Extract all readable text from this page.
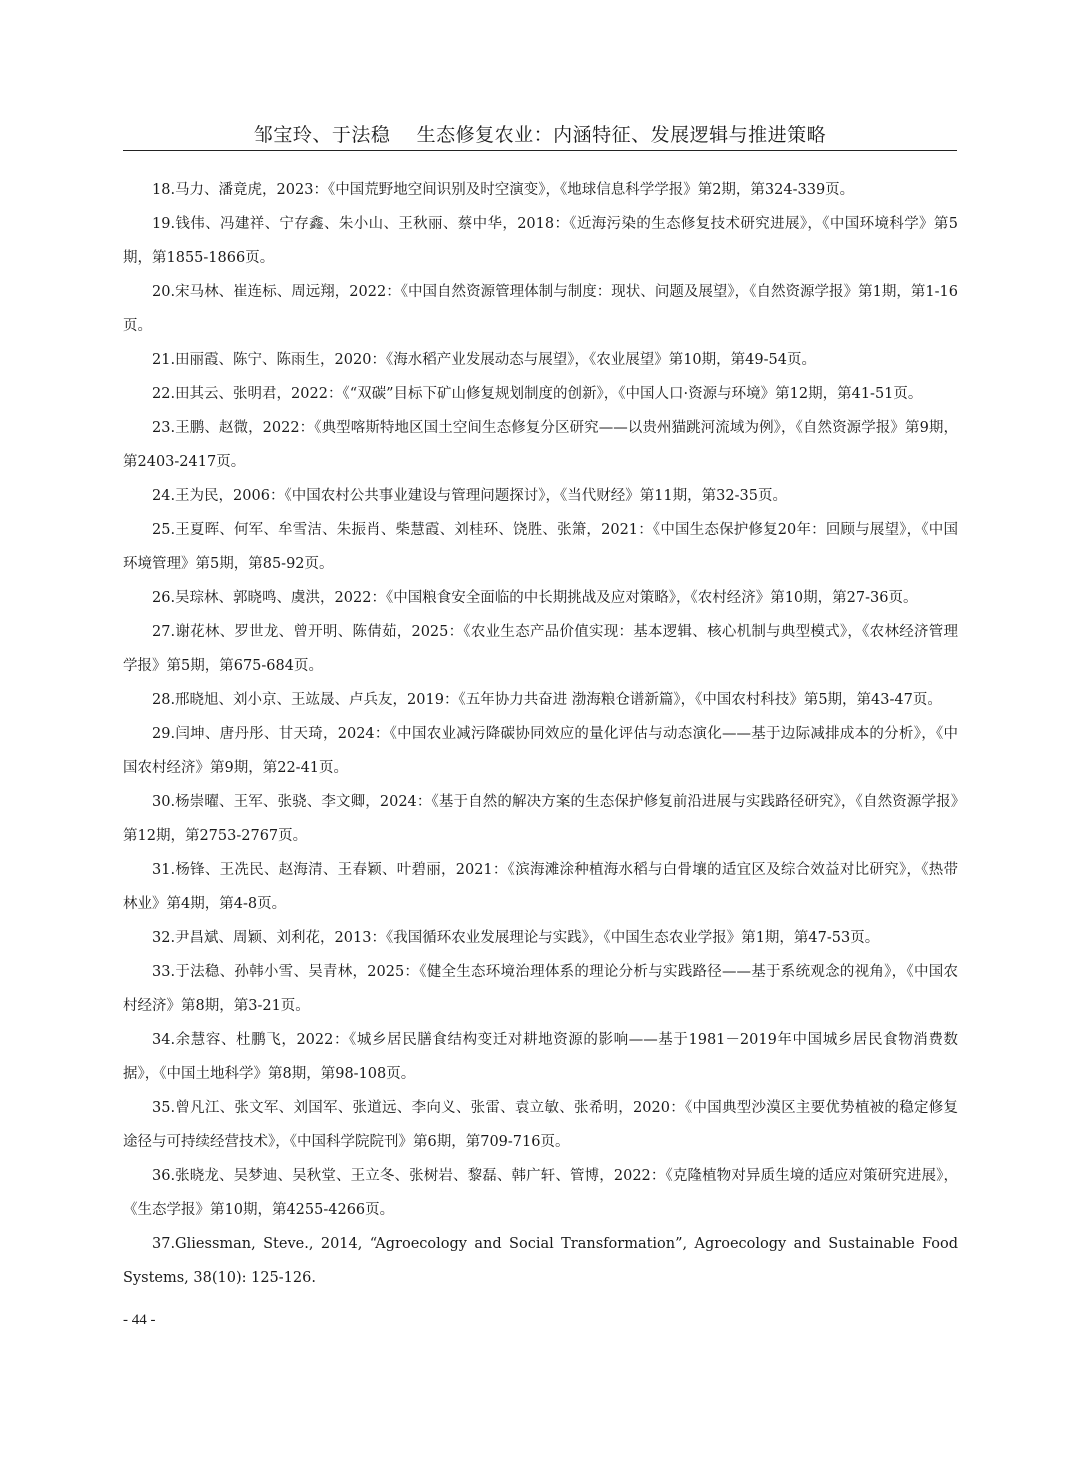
邹宝玲、于法稳    生态修复农业：内涵特征、发展逻辑与推进策略

18.马力、潘竟虎，2023：《中国荒野地空间识别及时空演变》，《地球信息科学学报》第2期，第324-339页。

19.钱伟、冯建祥、宁存鑫、朱小山、王秋丽、蔡中华，2018：《近海污染的生态修复技术研究进展》，《中国环境科学》第5期，第1855-1866页。

20.宋马林、崔连标、周远翔，2022：《中国自然资源管理体制与制度：现状、问题及展望》，《自然资源学报》第1期，第1-16页。

21.田丽霞、陈宁、陈雨生，2020：《海水稻产业发展动态与展望》，《农业展望》第10期，第49-54页。

22.田其云、张明君，2022：《“双碳”目标下矿山修复规划制度的创新》，《中国人口·资源与环境》第12期，第41-51页。

23.王鹏、赵微，2022：《典型喀斯特地区国土空间生态修复分区研究——以贵州猫跳河流域为例》，《自然资源学报》第9期，第2403-2417页。

24.王为民，2006：《中国农村公共事业建设与管理问题探讨》，《当代财经》第11期，第32-35页。

25.王夏晖、何军、牟雪洁、朱振肖、柴慧霞、刘桂环、饶胜、张箫，2021：《中国生态保护修复20年：回顾与展望》，《中国环境管理》第5期，第85-92页。

26.吴琮林、郭晓鸣、虞洪，2022：《中国粮食安全面临的中长期挑战及应对策略》，《农村经济》第10期，第27-36页。

27.谢花林、罗世龙、曾开明、陈倩茹，2025：《农业生态产品价值实现：基本逻辑、核心机制与典型模式》，《农林经济管理学报》第5期，第675-684页。

28.邢晓旭、刘小京、王竑晟、卢兵友，2019：《五年协力共奋进 渤海粮仓谱新篇》，《中国农村科技》第5期，第43-47页。

29.闫坤、唐丹彤、甘天琦，2024：《中国农业减污降碳协同效应的量化评估与动态演化——基于边际减排成本的分析》，《中国农村经济》第9期，第22-41页。

30.杨崇曜、王军、张骁、李文卿，2024：《基于自然的解决方案的生态保护修复前沿进展与实践路径研究》，《自然资源学报》第12期，第2753-2767页。

31.杨锋、王冼民、赵海清、王春颖、叶碧丽，2021：《滨海滩涂种植海水稻与白骨壤的适宜区及综合效益对比研究》，《热带林业》第4期，第4-8页。

32.尹昌斌、周颖、刘利花，2013：《我国循环农业发展理论与实践》，《中国生态农业学报》第1期，第47-53页。

33.于法稳、孙韩小雪、吴青林，2025：《健全生态环境治理体系的理论分析与实践路径——基于系统观念的视角》，《中国农村经济》第8期，第3-21页。

34.余慧容、杜鹏飞，2022：《城乡居民膳食结构变迁对耕地资源的影响——基于1981－2019年中国城乡居民食物消费数据》，《中国土地科学》第8期，第98-108页。

35.曾凡江、张文军、刘国军、张道远、李向义、张雷、袁立敏、张希明，2020：《中国典型沙漠区主要优势植被的稳定修复途径与可持续经营技术》，《中国科学院院刊》第6期，第709-716页。

36.张晓龙、吴梦迪、吴秋堂、王立冬、张树岩、黎磊、韩广轩、管博，2022：《克隆植物对异质生境的适应对策研究进展》，《生态学报》第10期，第4255-4266页。

37.Gliessman, Steve., 2014, “Agroecology and Social Transformation”, Agroecology and Sustainable Food Systems, 38(10): 125-126.

- 44 -
